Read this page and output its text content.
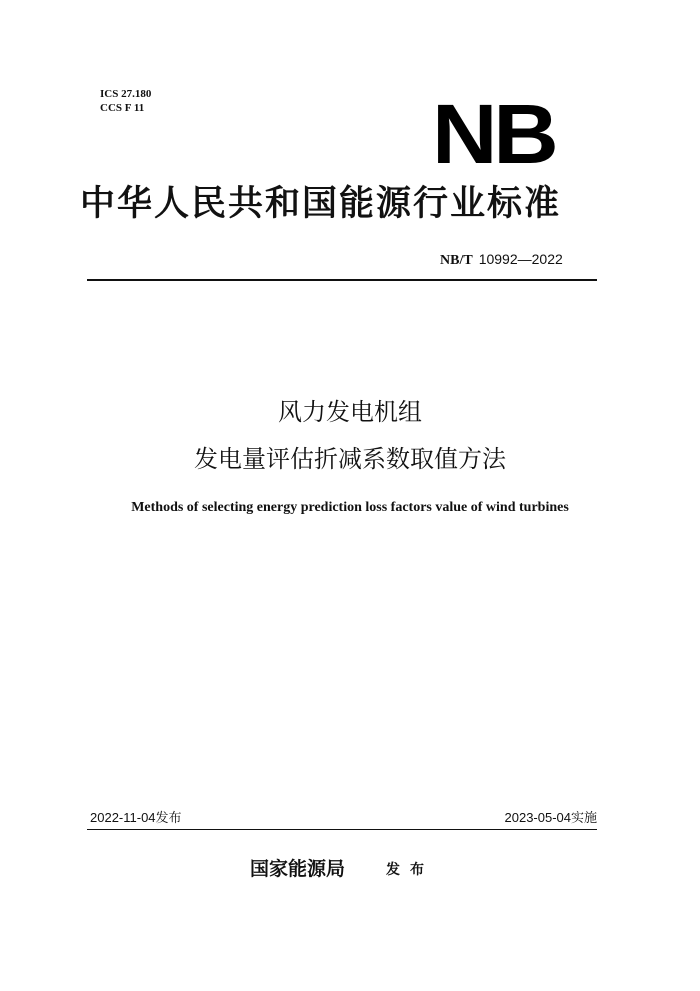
ICS 27.180
CCS F 11	NB
中华人民共和国能源行业标准
NB/T 10992—2022
风力发电机组
发电量评估折减系数取值方法
Methods of selecting energy prediction loss factors value of wind turbines
2022-11-04发布	2023-05-04实施
国家能源局	发布
